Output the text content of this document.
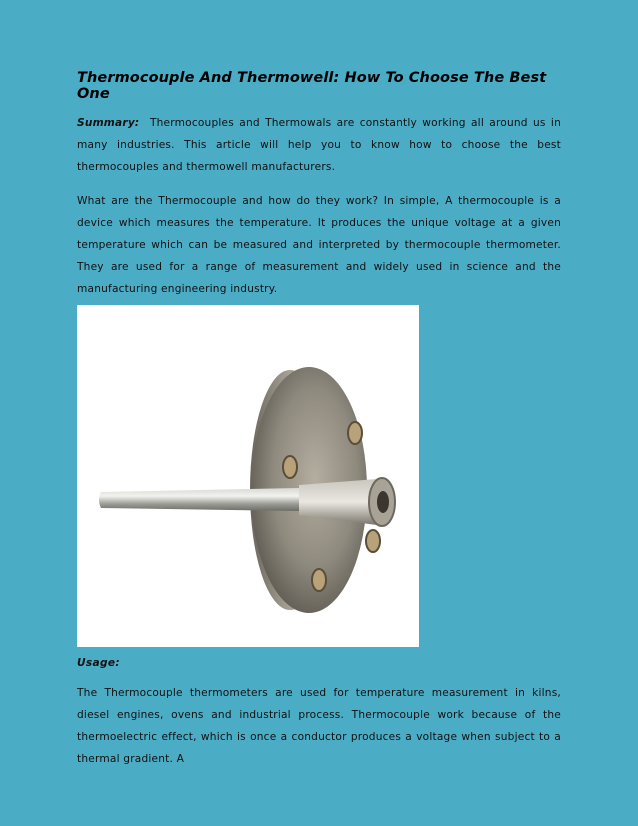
Thermocouple And Thermowell: How To Choose The Best One

Summary: Thermocouples and Thermowals are constantly working all around us in many industries. This article will help you to know how to choose the best thermocouples and thermowell manufacturers.

What are the Thermocouple and how do they work? In simple, A thermocouple is a device which measures the temperature. It produces the unique voltage at a given temperature which can be measured and interpreted by thermocouple thermometer. They are used for a range of measurement and widely used in science and the manufacturing engineering industry.

Usage:

The Thermocouple thermometers are used for temperature measurement in kilns, diesel engines, ovens and industrial process. Thermocouple work because of the thermoelectric effect, which is once a conductor produces a voltage when subject to a thermal gradient. A
